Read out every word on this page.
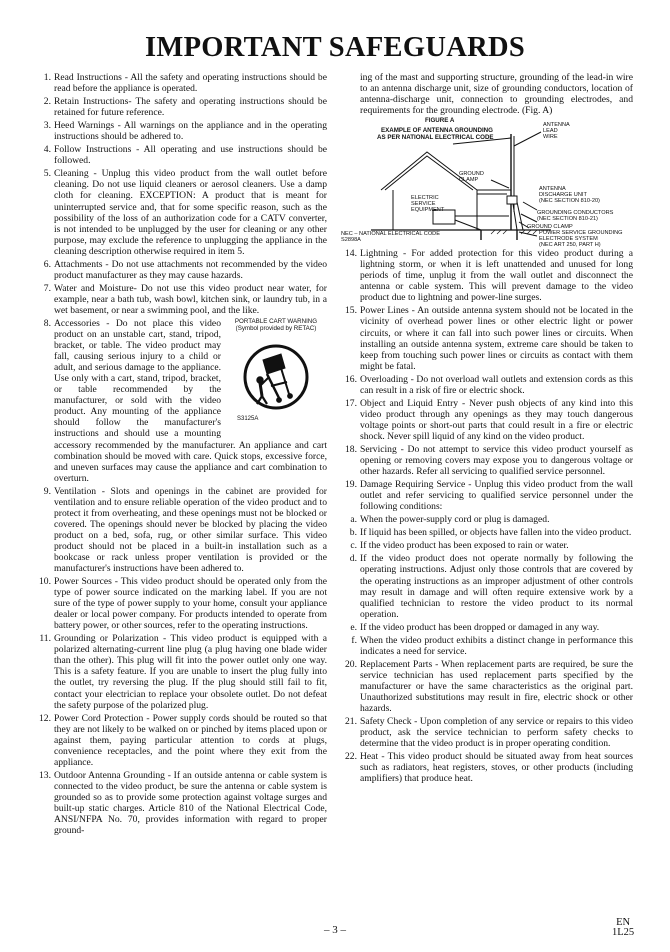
IMPORTANT SAFEGUARDS
1. Read Instructions - All the safety and operating instructions should be read before the appliance is operated.
2. Retain Instructions- The safety and operating instructions should be retained for future reference.
3. Heed Warnings - All warnings on the appliance and in the operating instructions should be adhered to.
4. Follow Instructions - All operating and use instructions should be followed.
5. Cleaning - Unplug this video product from the wall outlet before cleaning. Do not use liquid cleaners or aerosol cleaners. Use a damp cloth for cleaning. EXCEPTION: A product that is meant for uninterrupted service and, that for some specific reason, such as the possibility of the loss of an authorization code for a CATV converter, is not intended to be unplugged by the user for cleaning or any other purpose, may exclude the reference to unplugging the appliance in the cleaning description otherwise required in item 5.
6. Attachments - Do not use attachments not recommended by the video product manufacturer as they may cause hazards.
7. Water and Moisture- Do not use this video product near water, for example, near a bath tub, wash bowl, kitchen sink, or laundry tub, in a wet basement, or near a swimming pool, and the like.
8.	PORTABLE CART WARNING
(Symbol provided by RETAC)
S3125A
Accessories - Do not place this video product on an unstable cart, stand, tripod, bracket, or table. The video product may fall, causing serious injury to a child or adult, and serious damage to the appliance. Use only with a cart, stand, tripod, bracket, or table recommended by the manufacturer, or sold with the video product. Any mounting of the appliance should follow the manufacturer's instructions and should use a mounting accessory recommended by the manufacturer. An appliance and cart combination should be moved with care. Quick stops, excessive force, and uneven surfaces may cause the appliance and cart combination to overturn.
9. Ventilation - Slots and openings in the cabinet are provided for ventilation and to ensure reliable operation of the video product and to protect it from overheating, and these openings must not be blocked or covered. The openings should never be blocked by placing the video product on a bed, sofa, rug, or other similar surface. This video product should not be placed in a built-in installation such as a bookcase or rack unless proper ventilation is provided or the manufacturer's instructions have been adhered to.
10. Power Sources - This video product should be operated only from the type of power source indicated on the marking label. If you are not sure of the type of power supply to your home, consult your appliance dealer or local power company. For products intended to operate from battery power, or other sources, refer to the operating instructions.
11. Grounding or Polarization - This video product is equipped with a polarized alternating-current line plug (a plug having one blade wider than the other). This plug will fit into the power outlet only one way. This is a safety feature. If you are unable to insert the plug fully into the outlet, try reversing the plug. If the plug should still fail to fit, contact your electrician to replace your obsolete outlet. Do not defeat the safety purpose of the polarized plug.
12. Power Cord Protection - Power supply cords should be routed so that they are not likely to be walked on or pinched by items placed upon or against them, paying particular attention to cords at plugs, convenience receptacles, and the point where they exit from the appliance.
13. Outdoor Antenna Grounding - If an outside antenna or cable system is connected to the video product, be sure the antenna or cable system is grounded so as to provide some protection against voltage surges and built-up static charges. Article 810 of the National Electrical Code, ANSI/NFPA No. 70, provides information with regard to proper ground-
ing of the mast and supporting structure, grounding of the lead-in wire to an antenna discharge unit, size of grounding conductors, location of antenna-discharge unit, connection to grounding electrodes, and requirements for the grounding electrode. (Fig. A)
FIGURE A
EXAMPLE OF ANTENNA GROUNDING
AS PER NATIONAL ELECTRICAL CODE
ANTENNA
LEAD
WIRE
GROUND
CLAMP
ANTENNA
DISCHARGE UNIT
(NEC SECTION 810-20)
ELECTRIC
SERVICE
EQUIPMENT	GROUNDING CONDUCTORS
(NEC SECTION 810-21)
GROUND CLAMP
NEC – NATIONAL ELECTRICAL CODE
S2898A
POWER SERVICE GROUNDING
ELECTRODE SYSTEM
(NEC ART 250, PART H)
14. Lightning - For added protection for this video product during a lightning storm, or when it is left unattended and unused for long periods of time, unplug it from the wall outlet and disconnect the antenna or cable system. This will prevent damage to the video product due to lightning and power-line surges.
15. Power Lines - An outside antenna system should not be located in the vicinity of overhead power lines or other electric light or power circuits, or where it can fall into such power lines or circuits. When installing an outside antenna system, extreme care should be taken to keep from touching such power lines or circuits as contact with them might be fatal.
16. Overloading - Do not overload wall outlets and extension cords as this can result in a risk of fire or electric shock.
17. Object and Liquid Entry - Never push objects of any kind into this video product through any openings as they may touch dangerous voltage points or short-out parts that could result in a fire or electric shock. Never spill liquid of any kind on the video product.
18. Servicing - Do not attempt to service this video product yourself as opening or removing covers may expose you to dangerous voltage or other hazards. Refer all servicing to qualified service personnel.
19. Damage Requiring Service - Unplug this video product from the wall outlet and refer servicing to qualified service personnel under the following conditions:
a. When the power-supply cord or plug is damaged.
b. If liquid has been spilled, or objects have fallen into the video product.
c. If the video product has been exposed to rain or water.
d. If the video product does not operate normally by following the operating instructions. Adjust only those controls that are covered by the operating instructions as an improper adjustment of other controls may result in damage and will often require extensive work by a qualified technician to restore the video product to its normal operation.
e. If the video product has been dropped or damaged in any way.
f. When the video product exhibits a distinct change in performance this indicates a need for service.
20. Replacement Parts - When replacement parts are required, be sure the service technician has used replacement parts specified by the manufacturer or have the same characteristics as the original part. Unauthorized substitutions may result in fire, electric shock or other hazards.
21. Safety Check - Upon completion of any service or repairs to this video product, ask the service technician to perform safety checks to determine that the video product is in proper operating condition.
22. Heat - This video product should be situated away from heat sources such as radiators, heat registers, stoves, or other products (including amplifiers) that produce heat.
– 3 –
EN
1L25
